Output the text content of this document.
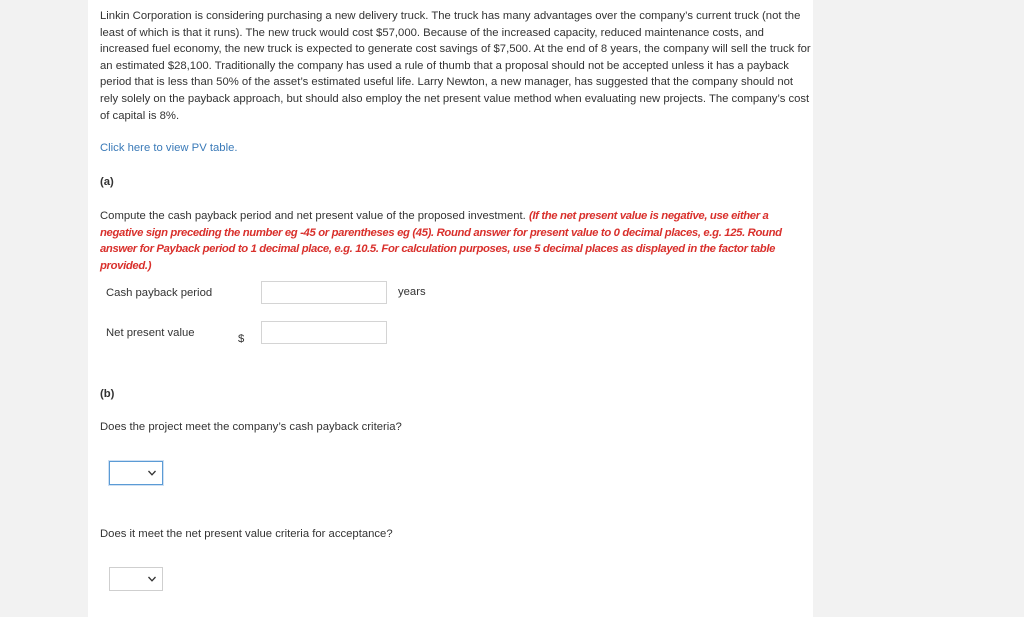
Linkin Corporation is considering purchasing a new delivery truck. The truck has many advantages over the company’s current truck (not the least of which is that it runs). The new truck would cost $57,000. Because of the increased capacity, reduced maintenance costs, and increased fuel economy, the new truck is expected to generate cost savings of $7,500. At the end of 8 years, the company will sell the truck for an estimated $28,100. Traditionally the company has used a rule of thumb that a proposal should not be accepted unless it has a payback period that is less than 50% of the asset’s estimated useful life. Larry Newton, a new manager, has suggested that the company should not rely solely on the payback approach, but should also employ the net present value method when evaluating new projects. The company’s cost of capital is 8%.

Click here to view PV table.
(a)

Compute the cash payback period and net present value of the proposed investment. (If the net present value is negative, use either a negative sign preceding the number eg -45 or parentheses eg (45). Round answer for present value to 0 decimal places, e.g. 125. Round answer for Payback period to 1 decimal place, e.g. 10.5. For calculation purposes, use 5 decimal places as displayed in the factor table provided.)

Cash payback period	years
Net present value	$
(b)
Does the project meet the company’s cash payback criteria?
Does it meet the net present value criteria for acceptance?
